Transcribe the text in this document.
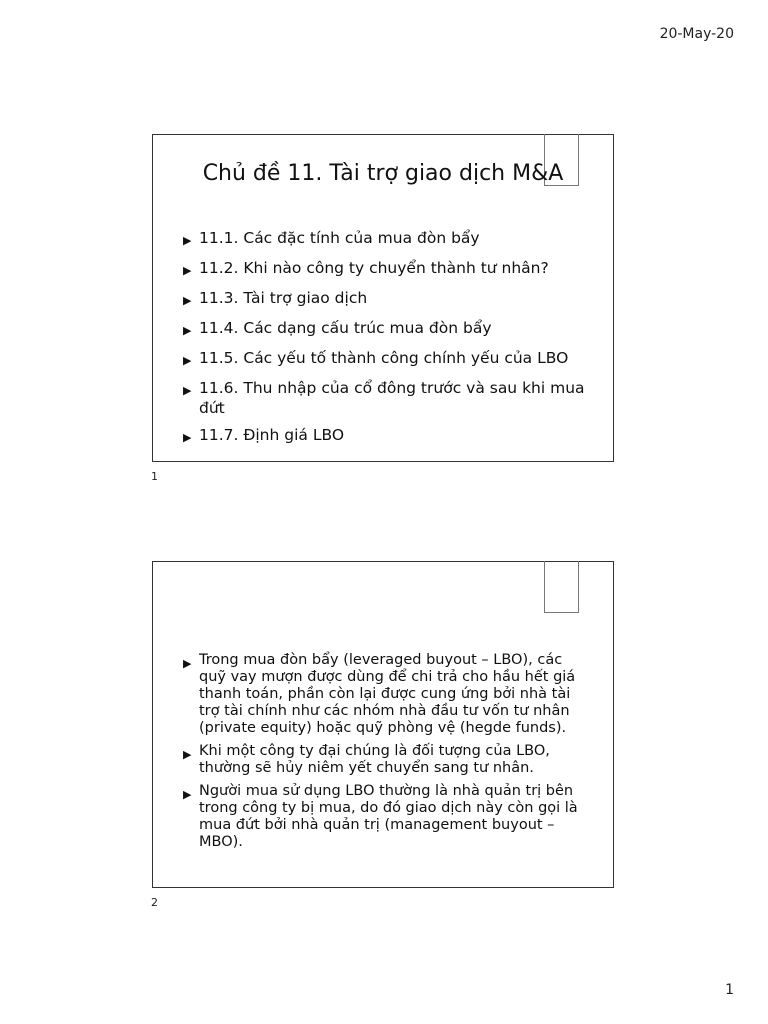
20-May-20
Chủ đề 11. Tài trợ giao dịch M&A
▶ 11.1. Các đặc tính của mua đòn bẩy
▶ 11.2. Khi nào công ty chuyển thành tư nhân?
▶ 11.3. Tài trợ giao dịch
▶ 11.4. Các dạng cấu trúc mua đòn bẩy
▶ 11.5. Các yếu tố thành công chính yếu của LBO
▶ 11.6. Thu nhập của cổ đông trước và sau khi mua đứt
▶ 11.7. Định giá LBO
1
▶ Trong mua đòn bẩy (leveraged buyout – LBO), các quỹ vay mượn được dùng để chi trả cho hầu hết giá thanh toán, phần còn lại được cung ứng bởi nhà tài trợ tài chính như các nhóm nhà đầu tư vốn tư nhân (private equity) hoặc quỹ phòng vệ (hegde funds).
▶ Khi một công ty đại chúng là đối tượng của LBO, thường sẽ hủy niêm yết chuyển sang tư nhân.
▶ Người mua sử dụng LBO thường là nhà quản trị bên trong công ty bị mua, do đó giao dịch này còn gọi là mua đứt bởi nhà quản trị (management buyout – MBO).
2
1
